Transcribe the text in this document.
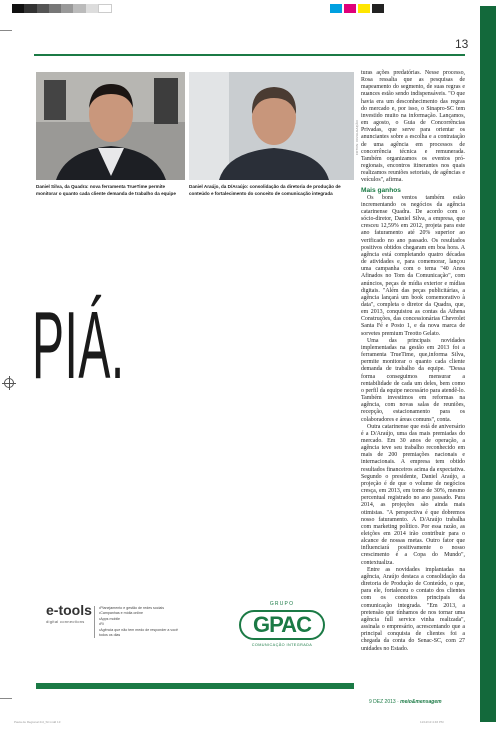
13
FOTOS: DIVULGAÇÃO
Daniel Silva, da Quadra: nova ferramenta TrueTime permite monitorar o quanto cada cliente demanda de trabalho da equipe
Daniel Araújo, da D/Araújo: consolidação da diretoria de produção de conteúdo e fortalecimento do conceito de comunicação integrada
PIÁ.
e-tools
digital connections
• Planejamento e gestão de redes sociais
• Campanhas e mídia online
• Apps mobile
• Ri
• Agência que não tem medo de responder a você todos os dias
GRUPO
GPAC
COMUNICAÇÃO INTEGRADA

turas ações predatórias. Nesse processo, Rosa ressalta que as pesquisas de mapeamento do segmento, de suas regras e nuances estão sendo indispensáveis. "O que havia era um desconhecimento das regras do mercado e, por isso, o Sinapro-SC tem investido muito na informação. Lançamos, em agosto, o Guia de Concorrências Privadas, que serve para orientar os anunciantes sobre a escolha e a contratação de uma agência em processos de concorrência técnica e remunerada. Também organizamos os eventos pró-regionais, encontros itinerantes nos quais realizamos reuniões setoriais, de agências e veículos", afirma.

Mais ganhos

Os bons ventos também estão incrementando os negócios da agência catarinense Quadra. De acordo com o sócio-diretor, Daniel Silva, a empresa, que cresceu 12,59% em 2012, projeta para este ano faturamento até 20% superior ao verificado no ano passado. Os resultados positivos obtidos chegaram em boa hora. A agência está completando quatro décadas de atividades e, para comemorar, lançou uma campanha com o tema "40 Anos Afinados no Tom da Comunicação", com anúncios, peças de mídia exterior e mídias digitais. "Além das peças publicitárias, a agência lançará um book comemorativo à data", completa o diretor da Quadra, que, em 2013, conquistou as contas da Athena Construções, das concessionárias Chevrolet Santa Fé e Posto 1, e da nova marca de sorvetes premium Treotto Gelato.

Uma das principais novidades implementadas na gestão em 2013 foi a ferramenta TrueTime, que,informa Silva, permite monitorar o quanto cada cliente demanda de trabalho da equipe. "Dessa forma conseguimos mensurar a rentabilidade de cada um deles, bem como o perfil da equipe necessário para atendê-lo. Também investimos em reformas na agência, com novas salas de reuniões, recepção, estacionamento para os colaboradores e áreas comuns", conta.

Outra catarinense que está de aniversário é a D/Araújo, uma das mais premiadas do mercado. Em 30 anos de operação, a agência teve seu trabalho reconhecido em mais de 200 premiações nacionais e internacionais. A empresa tem obtido resultados financeiros acima da expectativa. Segundo o presidente, Daniel Araújo, a projeção é de que o volume de negócios cresça, em 2013, em torno de 30%, mesmo percentual registrado no ano passado. Para 2014, as projeções são ainda mais otimistas. "A perspectiva é que dobremos nosso faturamento. A D/Araújo trabalha com marketing político. Por essa razão, as eleições em 2014 irão contribuir para o alcance de nossas metas. Outro fator que influenciará positivamente o nosso crescimento é a Copa do Mundo", contextualiza.

Entre as novidades implantadas na agência, Araújo destaca a consolidação da diretoria de Produção de Conteúdo, o que, para ele, fortaleceu o contato dos clientes com os conceitos principais da comunicação integrada. "Em 2013, a pretensão que tínhamos de nos tornar uma agência full service vinha realizada", assinala o empresário, acrescentando que a principal conquista de clientes foi a chegada da conta do Senac-SC, com 27 unidades no Estado.

9 DEZ 2013 · meio&mensagem
Pauta de Regional 2rd_SC.indd 13	11/12/13 4:46 PM
